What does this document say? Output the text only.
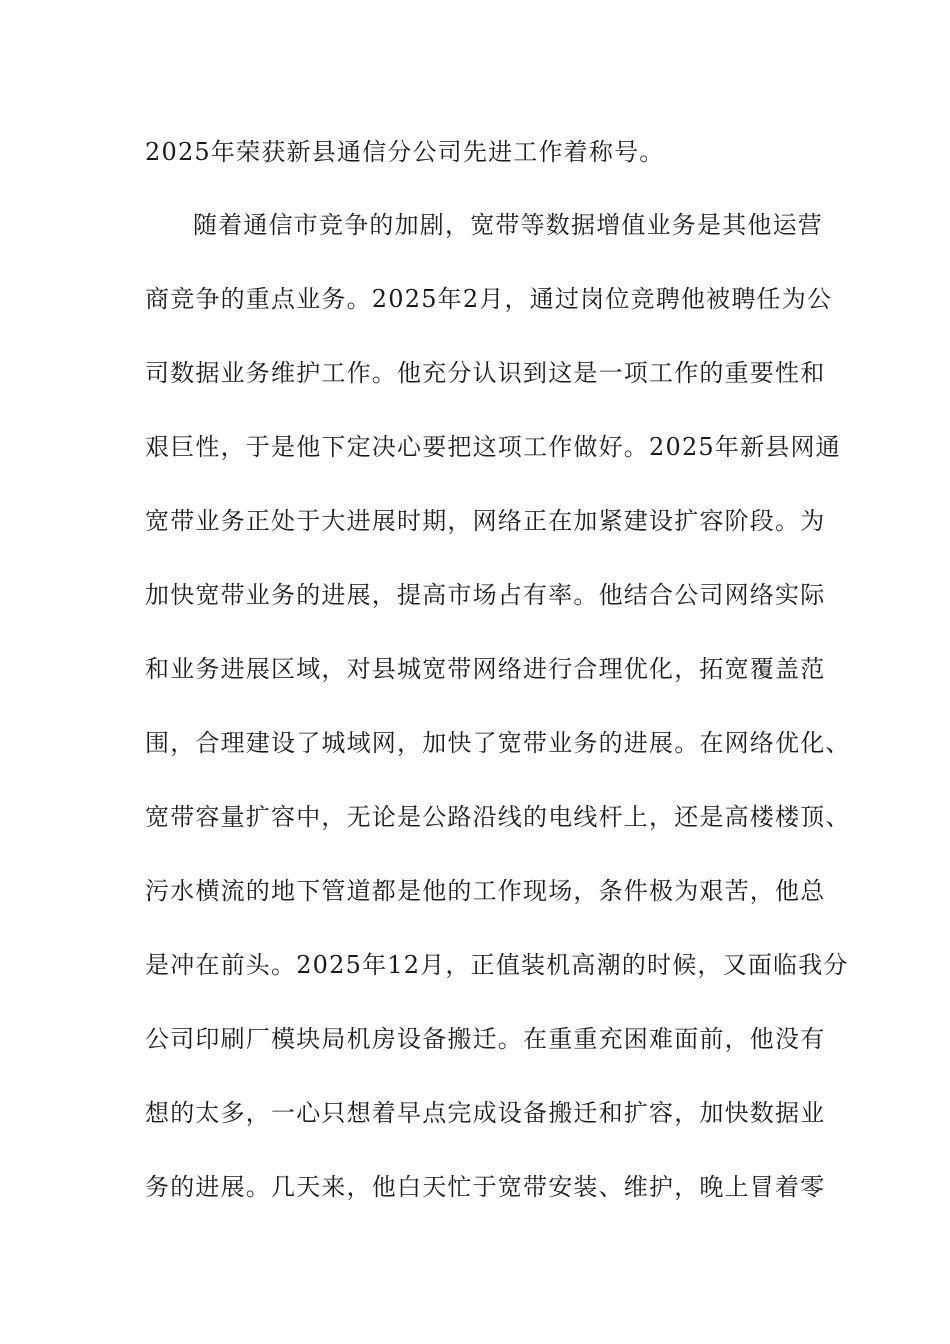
2025年荣获新县通信分公司先进工作着称号。
随着通信市竞争的加剧，宽带等数据增值业务是其他运营
商竞争的重点业务。2025年2月，通过岗位竞聘他被聘任为公
司数据业务维护工作。他充分认识到这是一项工作的重要性和
艰巨性，于是他下定决心要把这项工作做好。2025年新县网通
宽带业务正处于大进展时期，网络正在加紧建设扩容阶段。为
加快宽带业务的进展，提高市场占有率。他结合公司网络实际
和业务进展区域，对县城宽带网络进行合理优化，拓宽覆盖范
围，合理建设了城域网，加快了宽带业务的进展。在网络优化、
宽带容量扩容中，无论是公路沿线的电线杆上，还是高楼楼顶、
污水横流的地下管道都是他的工作现场，条件极为艰苦，他总
是冲在前头。2025年12月，正值装机高潮的时候，又面临我分
公司印刷厂模块局机房设备搬迁。在重重充困难面前，他没有
想的太多，一心只想着早点完成设备搬迁和扩容，加快数据业
务的进展。几天来，他白天忙于宽带安装、维护，晚上冒着零
